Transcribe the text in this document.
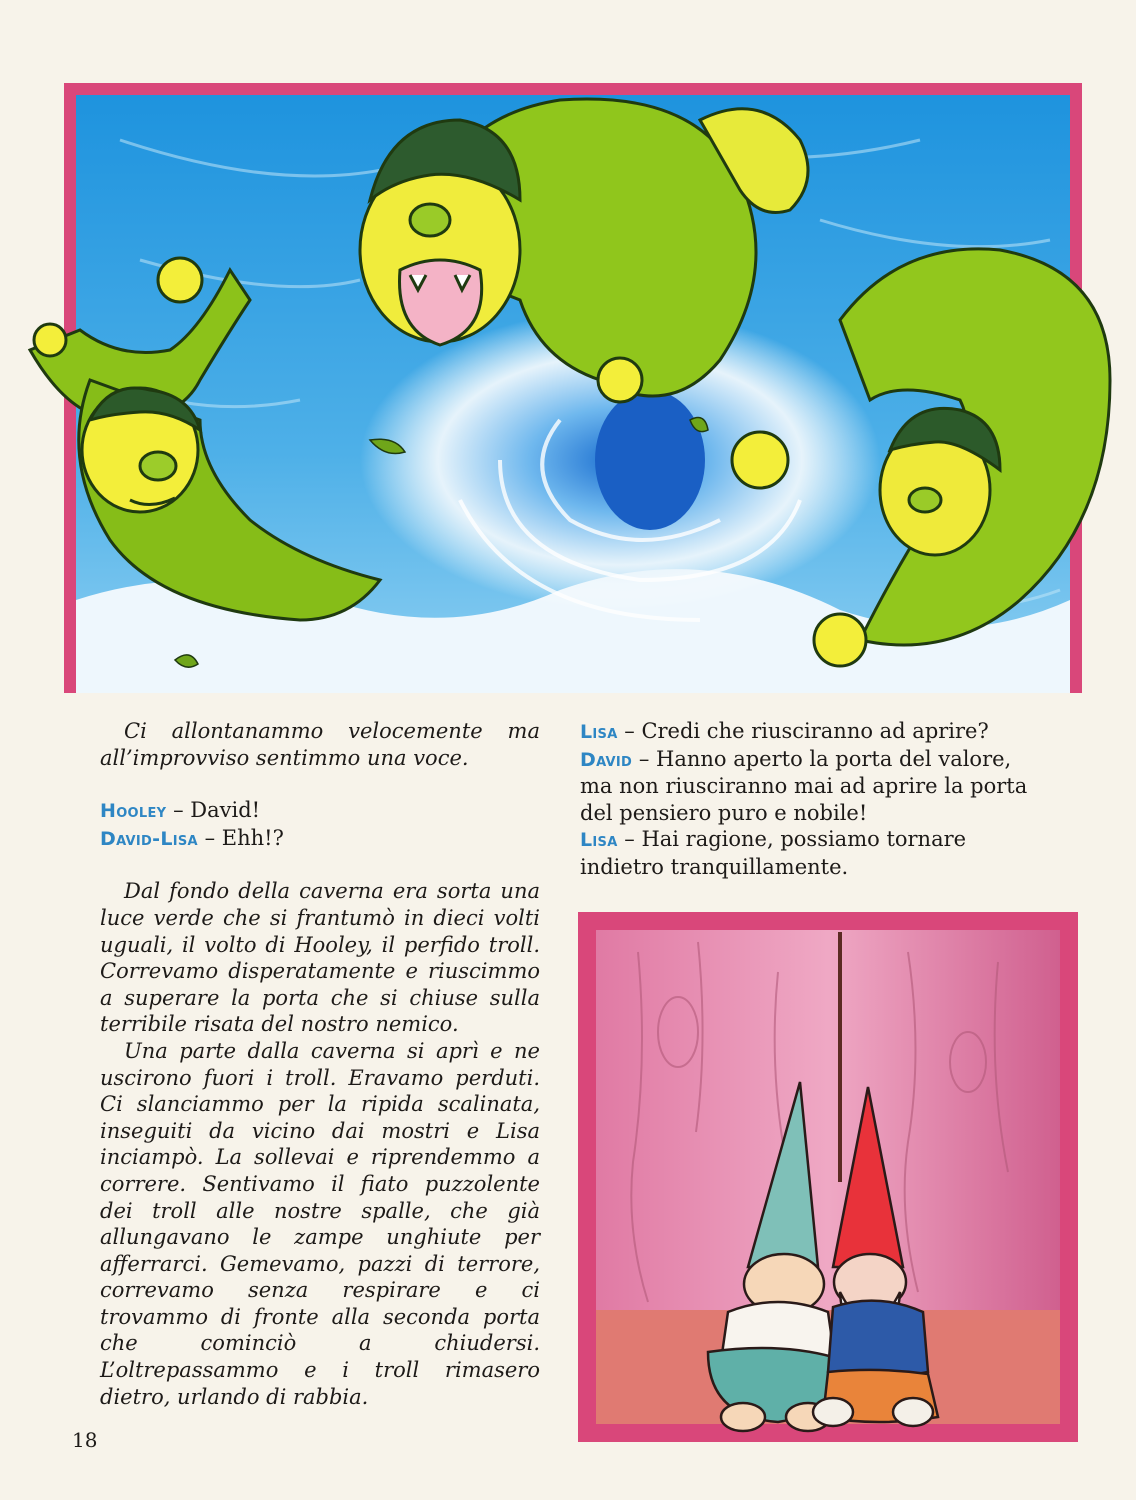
Ci allontanammo velocemente ma all’improvviso sentimmo una voce.

Hooley – David!

David-Lisa – Ehh!?

Dal fondo della caverna era sorta una luce verde che si frantumò in dieci volti uguali, il volto di Hooley, il perfido troll. Correvamo disperatamente e riuscimmo a superare la porta che si chiuse sulla terribile risata del nostro nemico.

Una parte dalla caverna si aprì e ne uscirono fuori i troll. Eravamo perduti. Ci slanciammo per la ripida scalinata, inseguiti da vicino dai mostri e Lisa inciampò. La sollevai e riprendemmo a correre. Sentivamo il fiato puzzolente dei troll alle nostre spalle, che già allungavano le zampe unghiute per afferrarci. Gemevamo, pazzi di terrore, correvamo senza respirare e ci trovammo di fronte alla seconda porta che cominciò a chiudersi. L’oltrepassammo e i troll rimasero dietro, urlando di rabbia.

Lisa – Credi che riusciranno ad aprire?

David – Hanno aperto la porta del valore, ma non riusciranno mai ad aprire la porta del pensiero puro e nobile!

Lisa – Hai ragione, possiamo tornare indietro tranquillamente.

18
